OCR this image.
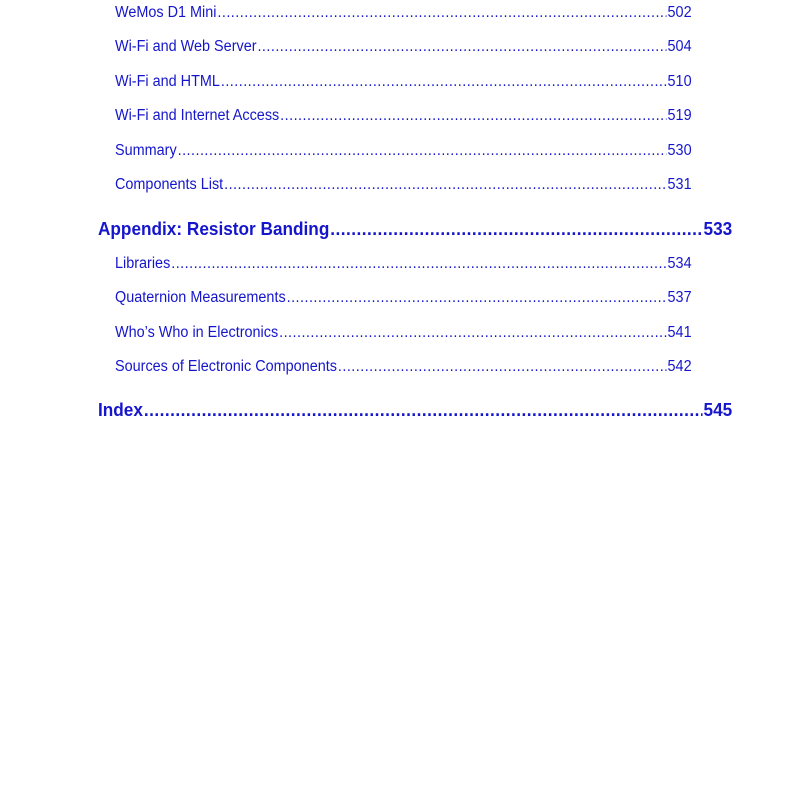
WeMos D1 Mini .....	502
Wi-Fi and Web Server .....	504
Wi-Fi and HTML .....	510
Wi-Fi and Internet Access .....	519
Summary .....	530
Components List .....	531
Appendix: Resistor Banding .....	533
Libraries .....	534
Quaternion Measurements .....	537
Who’s Who in Electronics .....	541
Sources of Electronic Components .....	542
Index .....	545
